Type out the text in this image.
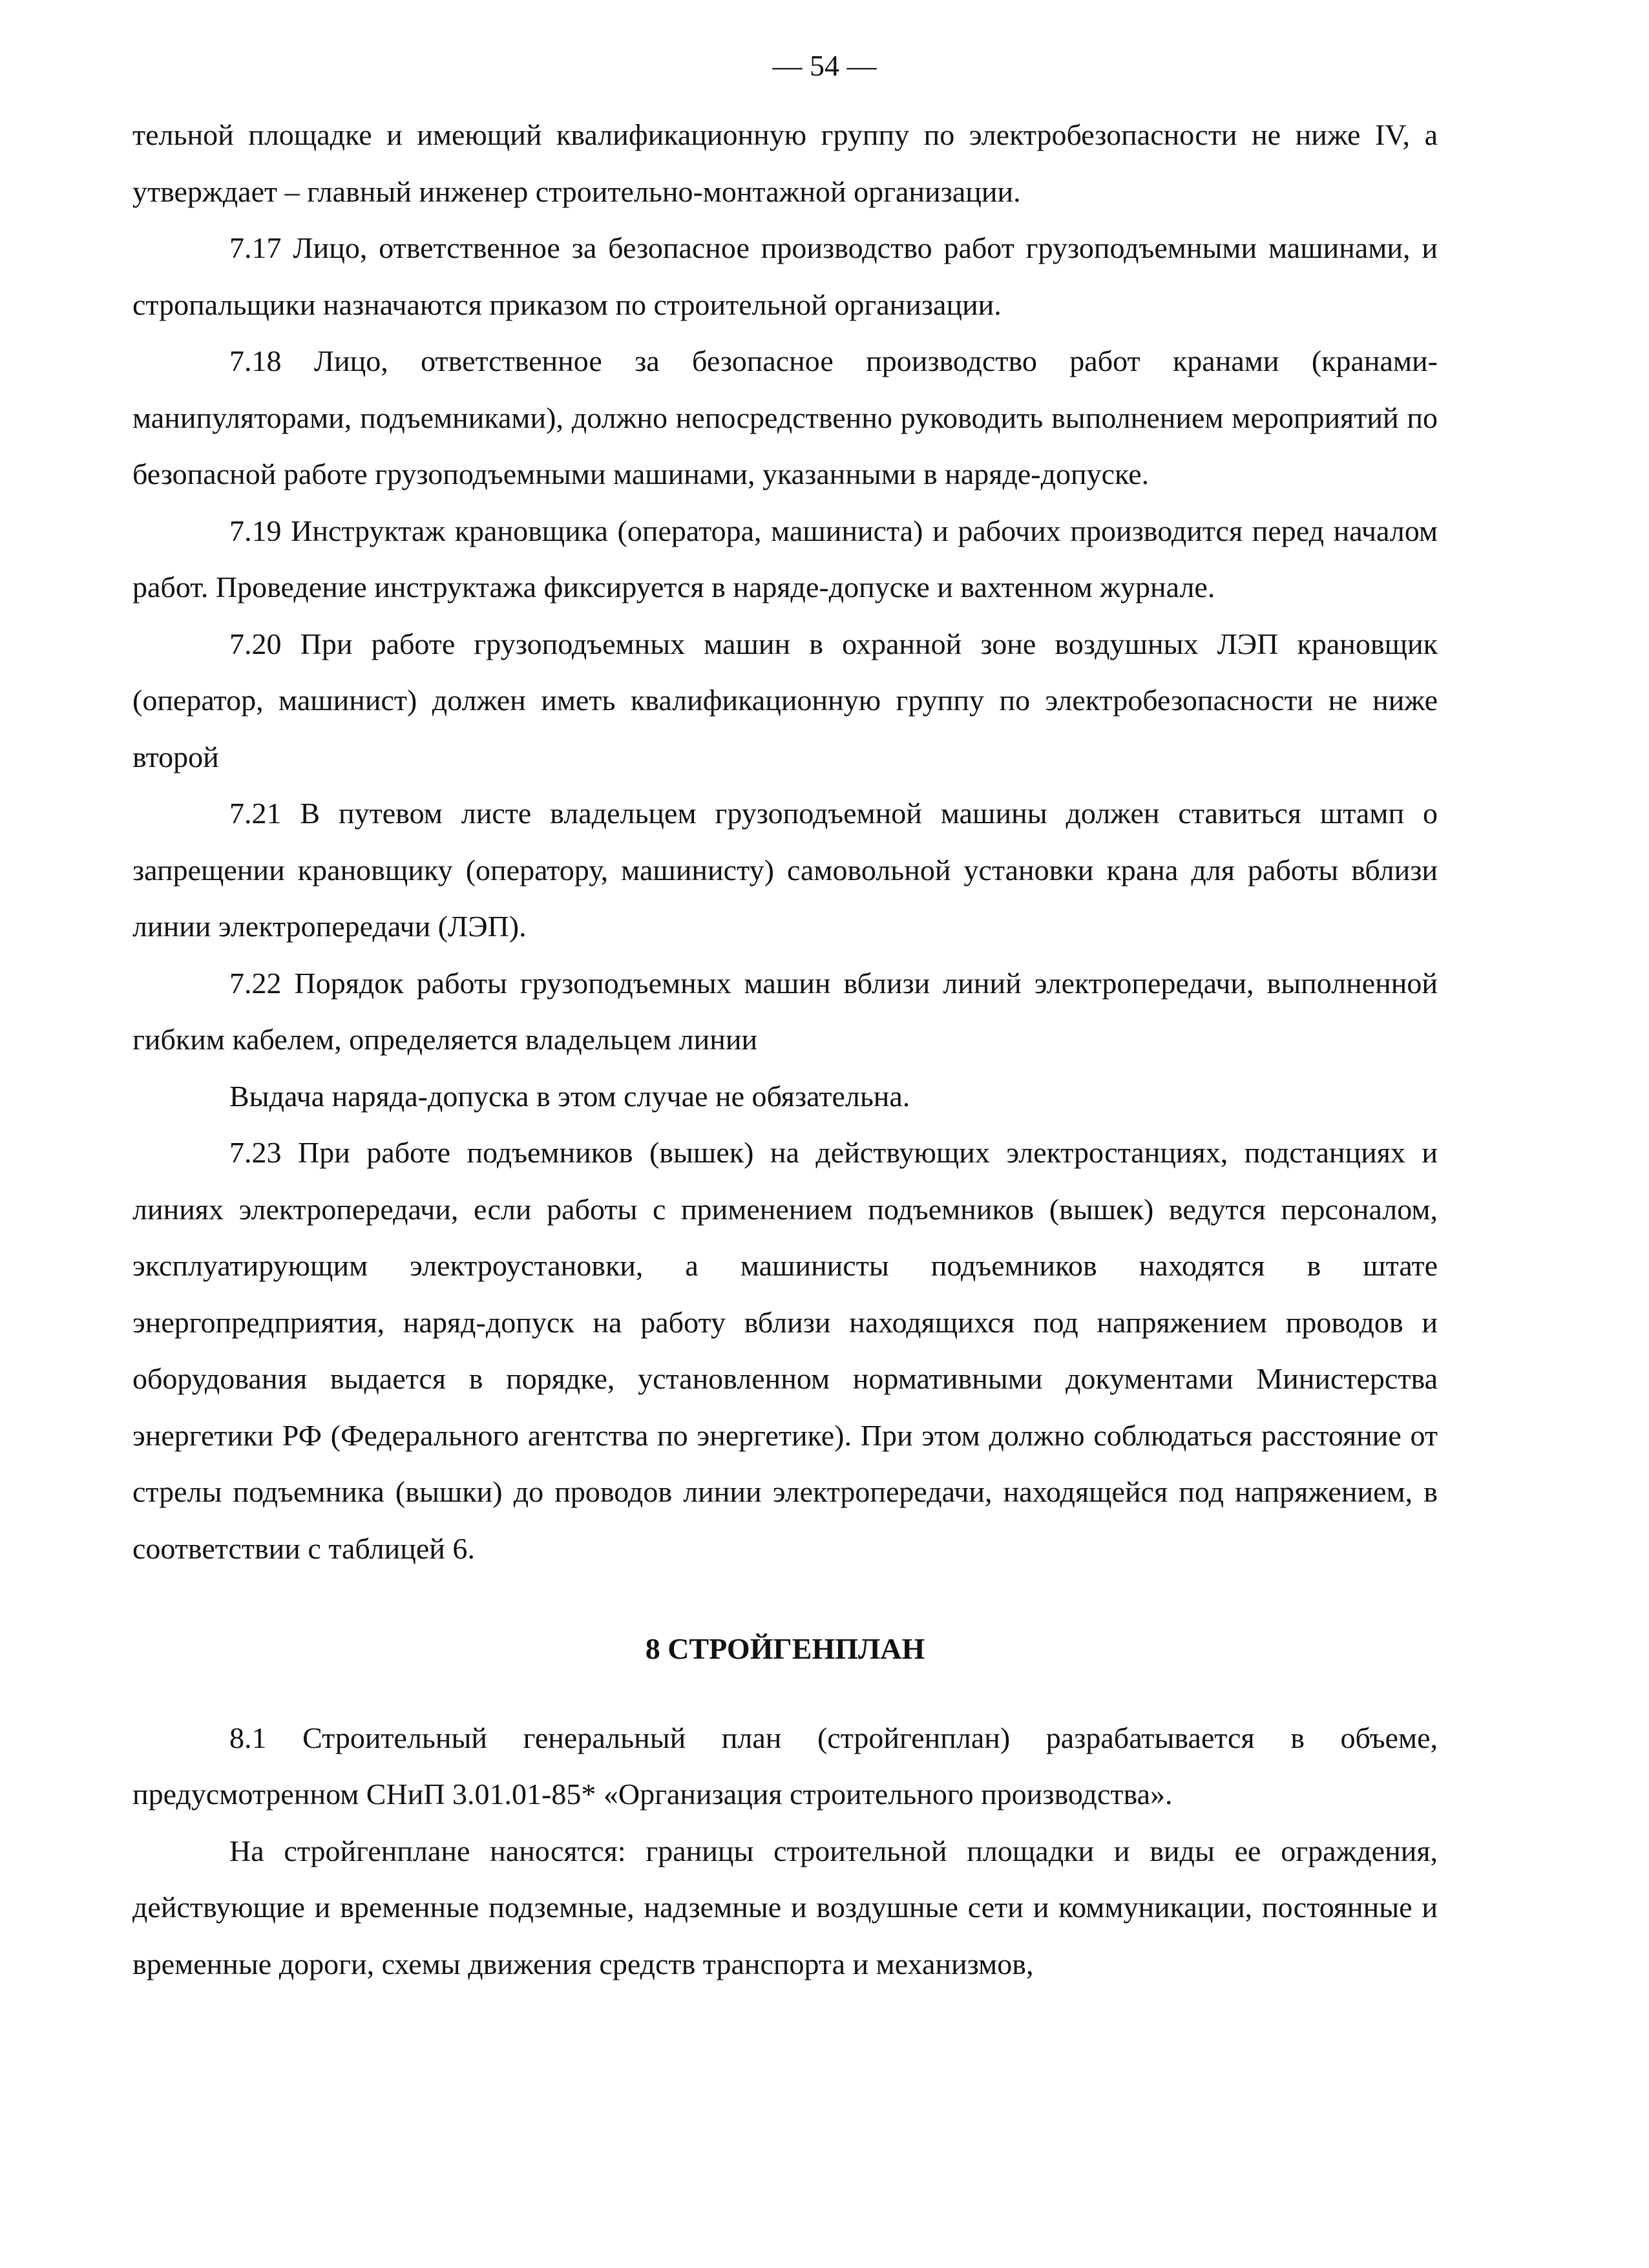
— 54 —

тельной площадке и имеющий квалификационную группу по электробезопасности не ниже IV, а утверждает – главный инженер строительно-монтажной организации.

7.17 Лицо, ответственное за безопасное производство работ грузоподъемными машинами, и стропальщики назначаются приказом по строительной организации.

7.18 Лицо, ответственное за безопасное производство работ кранами (кранами-манипуляторами, подъемниками), должно непосредственно руководить выполнением мероприятий по безопасной работе грузоподъемными машинами, указанными в наряде-допуске.

7.19 Инструктаж крановщика (оператора, машиниста) и рабочих производится перед началом работ. Проведение инструктажа фиксируется в наряде-допуске и вахтенном журнале.

7.20 При работе грузоподъемных машин в охранной зоне воздушных ЛЭП крановщик (оператор, машинист) должен иметь квалификационную группу по электробезопасности не ниже второй

7.21 В путевом листе владельцем грузоподъемной машины должен ставиться штамп о запрещении крановщику (оператору, машинисту) самовольной установки крана для работы вблизи линии электропередачи (ЛЭП).

7.22 Порядок работы грузоподъемных машин вблизи линий электропередачи, выполненной гибким кабелем, определяется владельцем линии

Выдача наряда-допуска в этом случае не обязательна.

7.23 При работе подъемников (вышек) на действующих электростанциях, подстанциях и линиях электропередачи, если работы с применением подъемников (вышек) ведутся персоналом, эксплуатирующим электроустановки, а машинисты подъемников находятся в штате энергопредприятия, наряд-допуск на работу вблизи находящихся под напряжением проводов и оборудования выдается в порядке, установленном нормативными документами Министерства энергетики РФ (Федерального агентства по энергетике). При этом должно соблюдаться расстояние от стрелы подъемника (вышки) до проводов линии электропередачи, находящейся под напряжением, в соответствии с таблицей 6.

8 СТРОЙГЕНПЛАН

8.1 Строительный генеральный план (стройгенплан) разрабатывается в объеме, предусмотренном СНиП 3.01.01-85* «Организация строительного производства».

На стройгенплане наносятся: границы строительной площадки и виды ее ограждения, действующие и временные подземные, надземные и воздушные сети и коммуникации, постоянные и временные дороги, схемы движения средств транспорта и механизмов,
